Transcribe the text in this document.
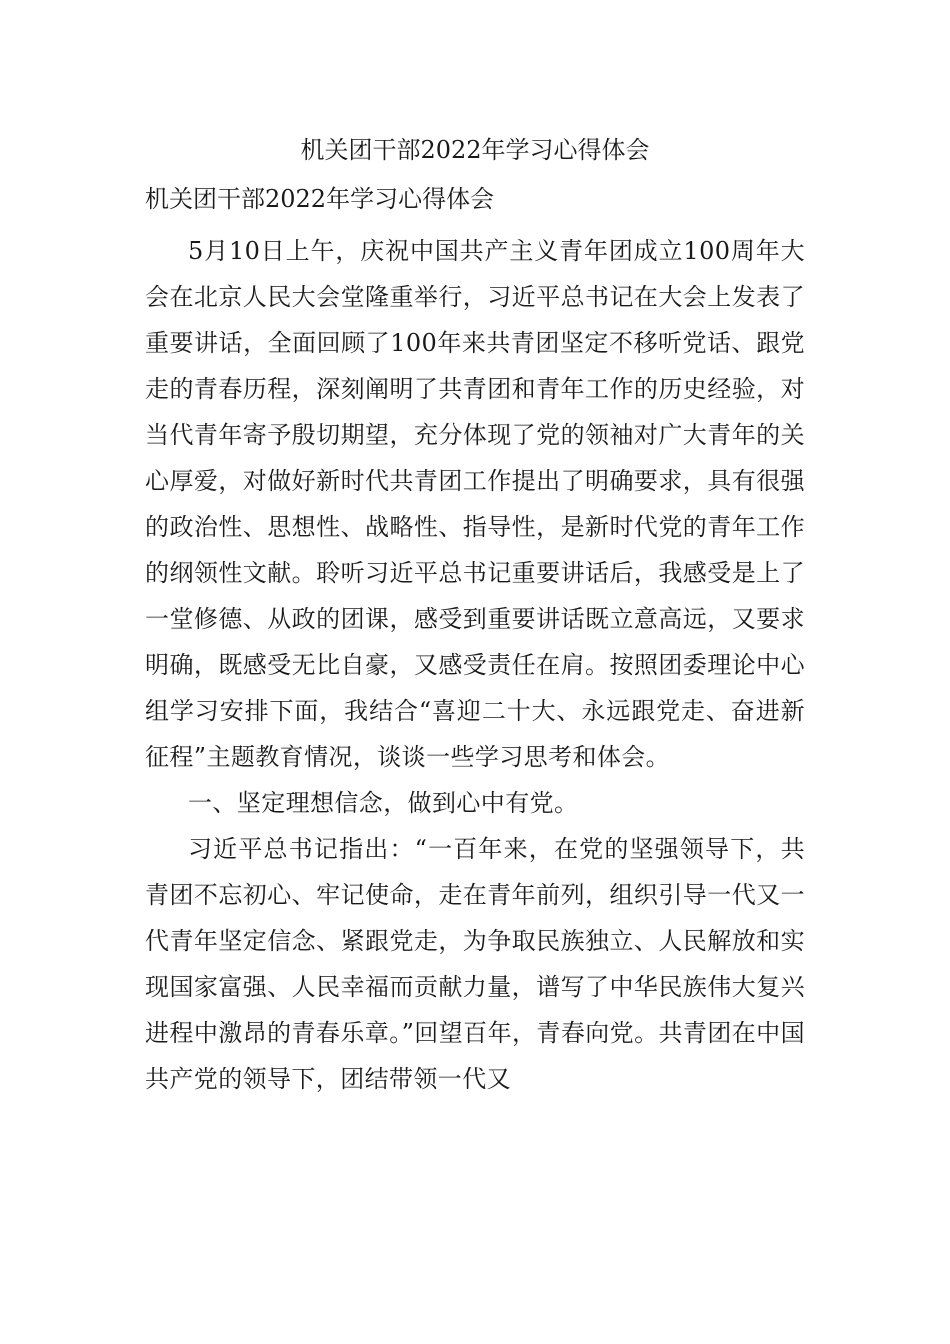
机关团干部2022年学习心得体会
机关团干部2022年学习心得体会

5月10日上午，庆祝中国共产主义青年团成立100周年大会在北京人民大会堂隆重举行，习近平总书记在大会上发表了重要讲话，全面回顾了100年来共青团坚定不移听党话、跟党走的青春历程，深刻阐明了共青团和青年工作的历史经验，对当代青年寄予殷切期望，充分体现了党的领袖对广大青年的关心厚爱，对做好新时代共青团工作提出了明确要求，具有很强的政治性、思想性、战略性、指导性，是新时代党的青年工作的纲领性文献。聆听习近平总书记重要讲话后，我感受是上了一堂修德、从政的团课，感受到重要讲话既立意高远，又要求明确，既感受无比自豪，又感受责任在肩。按照团委理论中心组学习安排下面，我结合“喜迎二十大、永远跟党走、奋进新征程”主题教育情况，谈谈一些学习思考和体会。

一、坚定理想信念，做到心中有党。

习近平总书记指出：“一百年来，在党的坚强领导下，共青团不忘初心、牢记使命，走在青年前列，组织引导一代又一代青年坚定信念、紧跟党走，为争取民族独立、人民解放和实现国家富强、人民幸福而贡献力量，谱写了中华民族伟大复兴进程中激昂的青春乐章。”回望百年，青春向党。共青团在中国共产党的领导下，团结带领一代又
